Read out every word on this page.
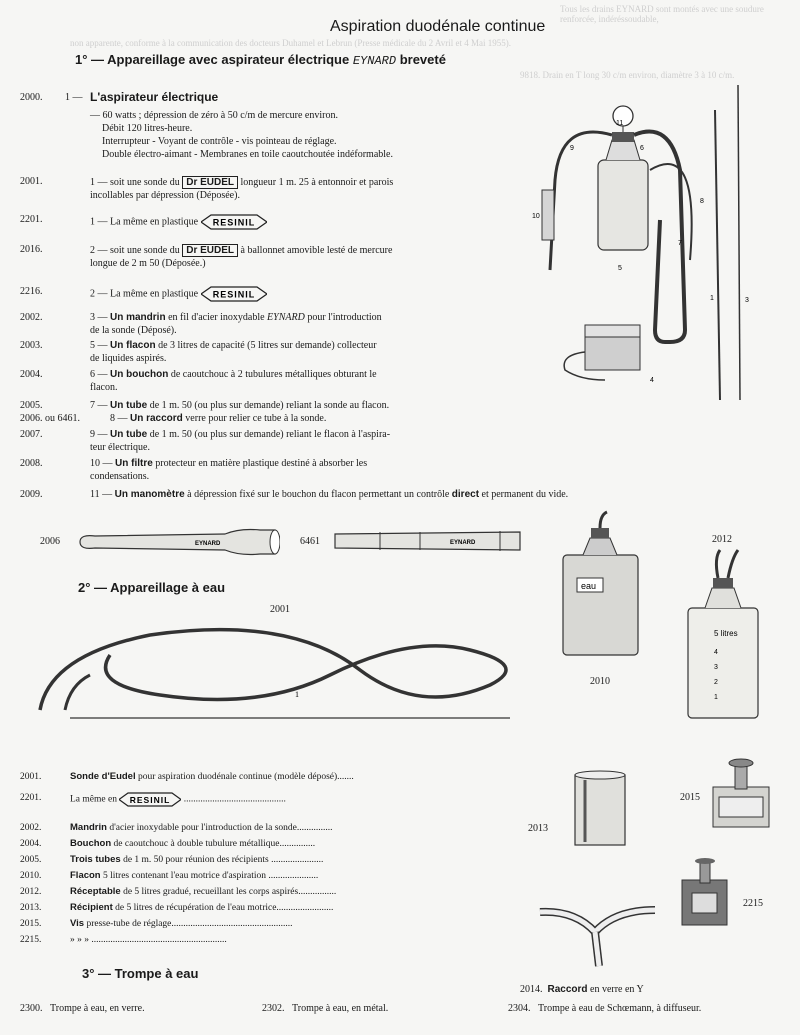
Tous les drains EYNARD sont montés avec une soudure renforcée, indéréssoudable,
non apparente, conforme à la communication des docteurs Duhamel et Lebrun (Presse médicale du 2 Avril et 4 Mai 1955).
9818. Drain en T long 30 c/m environ, diamètre 3 à 10 c/m.
Aspiration duodénale continue
1° — Appareillage avec aspirateur électrique EYNARD breveté
2000.	1 — L'aspirateur électrique
— 60 watts ; dépression de zéro à 50 c/m de mercure environ.
Débit 120 litres-heure.
Interrupteur - Voyant de contrôle - vis pointeau de réglage.
Double électro-aimant - Membranes en toile caoutchoutée indéformable.
2001.	1 — soit une sonde du Dr EUDEL longueur 1 m. 25 à entonnoir et parois
incollables par dépression (Déposée).
2201.	1 — La même en plastique RESINIL
2016.	2 — soit une sonde du Dr EUDEL à ballonnet amovible lesté de mercure
longue de 2 m 50 (Déposée.)
2216.	2 — La même en plastique RESINIL
2002.	3 — Un mandrin en fil d'acier inoxydable EYNARD pour l'introduction
de la sonde (Déposé).
2003.	5 — Un flacon de 3 litres de capacité (5 litres sur demande) collecteur
de liquides aspirés.
2004.	6 — Un bouchon de caoutchouc à 2 tubulures métalliques obturant le
flacon.
2005.	7 — Un tube de 1 m. 50 (ou plus sur demande) reliant la sonde au flacon.
2006. ou 6461.	8 — Un raccord verre pour relier ce tube à la sonde.
2007.	9 — Un tube de 1 m. 50 (ou plus sur demande) reliant le flacon à l'aspira-
teur électrique.
2008.	10 — Un filtre protecteur en matière plastique destiné à absorber les
condensations.
2009.	11 — Un manomètre à dépression fixé sur le bouchon du flacon permettant un contrôle direct et permanent du vide.
11
9	6
10
8
7
5
1	3
4
2006	EYNARD	6461	EYNARD
2° — Appareillage à eau
2001
1
eau
2010
2012
5 litres
4
3
2
1
2001.	Sonde d'Eudel pour aspiration duodénale continue (modèle déposé).......
2201.	La même en RESINIL ...........................................
2002.	Mandrin d'acier inoxydable pour l'introduction de la sonde...............
2004.	Bouchon de caoutchouc à double tubulure métallique...............
2005.	Trois tubes de 1 m. 50 pour réunion des récipients ......................
2010.	Flacon 5 litres contenant l'eau motrice d'aspiration .....................
2012.	Réceptable de 5 litres gradué, recueillant les corps aspirés................
2013.	Récipient de 5 litres de récupération de l'eau motrice........................
2015.	Vis presse-tube de réglage...................................................
2215.	» » » .........................................................
2013
2015
2215
3° — Trompe à eau
2014. Raccord en verre en Y
2300. Trompe à eau, en verre.	2302. Trompe à eau, en métal.	2304. Trompe à eau de Schœmann, à diffuseur.
